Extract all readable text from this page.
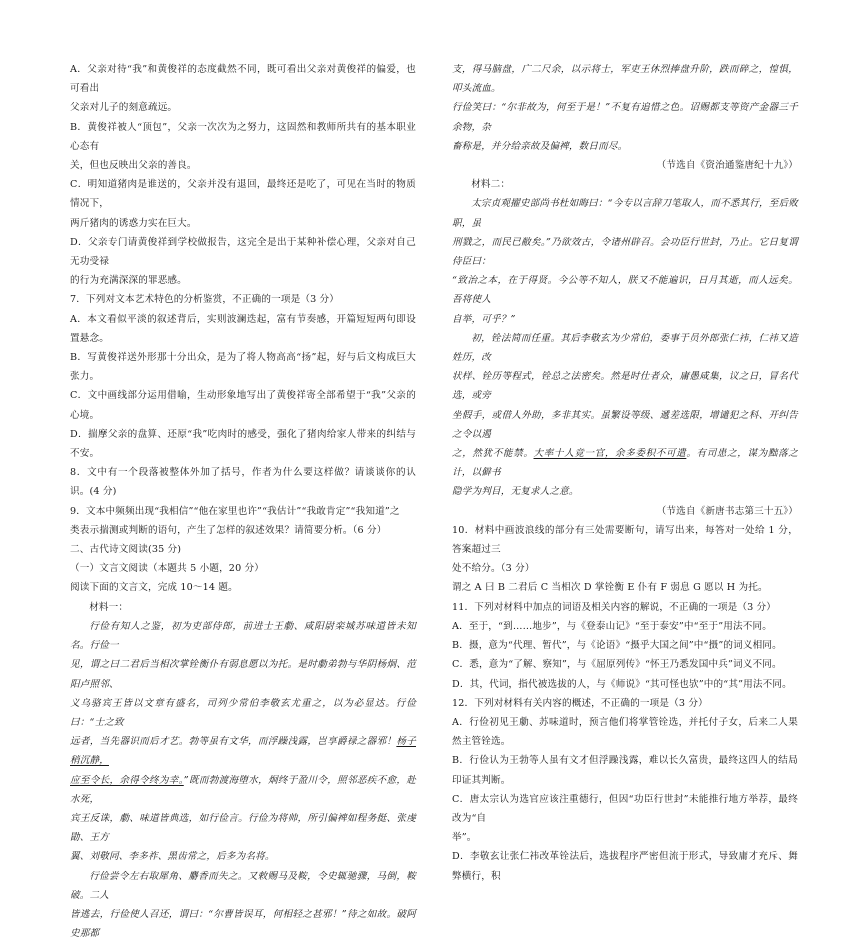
A．父亲对待“我”和黄俊祥的态度截然不同，既可看出父亲对黄俊祥的偏爱，也可看出

父亲对儿子的刻意疏远。

B．黄俊祥被人“顶包”，父亲一次次为之努力，这固然和教师所共有的基本职业心态有

关，但也反映出父亲的善良。

C．明知道猪肉是谁送的，父亲并没有退回，最终还是吃了，可见在当时的物质情况下，

两斤猪肉的诱惑力实在巨大。

D．父亲专门请黄俊祥到学校做报告，这完全是出于某种补偿心理，父亲对自己无功受禄

的行为充满深深的罪恶感。

7．下列对文本艺术特色的分析鉴赏，不正确的一项是（3 分）

A．本文看似平淡的叙述背后，实则波澜迭起，富有节奏感，开篇短短两句即设置悬念。

B．写黄俊祥送外形那十分出众，是为了将人物高高“扬”起，好与后文构成巨大张力。

C．文中画线部分运用借喻，生动形象地写出了黄俊祥寄全部希望于“我”父亲的心境。

D．揣摩父亲的盘算、还原“我”吃肉时的感受，强化了猪肉给家人带来的纠结与不安。

8．文中有一个段落被整体外加了括号，作者为什么要这样做？请谈谈你的认识。(4 分)

9．文本中频频出现“我相信”“他在家里也许”“我估计”“我敢肯定”“我知道”之

类表示揣测或判断的语句，产生了怎样的叙述效果？请简要分析。（6 分）

二、古代诗文阅读(35 分)

（一）文言文阅读（本题共 5 小题，20 分）

阅读下面的文言文，完成 10～14 题。

材料一：

行俭有知人之鉴，初为吏部侍郎，前进士王勮、咸阳尉栾城苏味道皆未知名。行俭一

见，谓之曰二君后当相次掌铨衡仆有弱息愿以为托。是时勮弟勃与华阴杨炯、范阳卢照邻、

义乌骆宾王皆以文章有盛名，司列少常伯李敬玄尤重之，以为必显达。行俭曰：“士之致

远者，当先器识而后才艺。勃等虽有文华，而浮躁浅露，岂享爵禄之器邪！杨子稍沉静，

应至令长，余得令终为幸。”既而勃渡海堕水，炯终于盈川令，照邻恶疾不愈，赴水死，

宾王反诛，勮、味道皆典选，如行俭言。行俭为将帅，所引偏裨如程务挺、张虔勖、王方

翼、刘敬同、李多祚、黑齿常之，后多为名将。

行俭尝令左右取犀角、麝香而失之。又敕赐马及鞍，令史辄驰骤，马倒，鞍破。二人

皆逃去，行俭使人召还，谓曰：“尔曹皆误耳，何相轻之甚邪！”待之如故。破阿史那都

支，得马脑盘，广二尺余，以示将士，军吏王休烈捧盘升阶，跌而碎之，惶惧，叩头流血。

行俭笑曰：“尔非故为，何至于是！”不复有追惜之色。诏赐都支等资产金器三千余物，杂

畜称是，并分给亲故及偏裨，数日而尽。

（节选自《资治通鉴唐纪十九》）

材料二：

太宗贞观擢史部尚书杜如晦曰：“今专以言辞刀笔取人，而不悉其行，至后败职，虽

刑戮之，而民已敝矣。”乃欲效古，令诸州辟召。会功臣行世封，乃止。它日复谓侍臣曰：

“致治之本，在于得贤。今公等不知人，朕又不能遍识，日月其逝，而人远矣。吾将使人

自举，可乎？”

初，铨法简而任重。其后李敬玄为少常伯，委事于员外郎张仁祎，仁祎又造姓历，改

状样、铨历等程式，铨总之法密矣。然是时仕者众，庸愚咸集，议之日，冒名代选，或旁

坐假手，或借人外助，多非其实。虽繁设等级、遞差选限，增谴犯之科、开纠告之令以遏

之，然犹不能禁。大率十人竞一官，余多委积不可遣。有司患之，谋为黜落之计，以僻书

隐学为判目，无复求人之意。

（节选自《新唐书志第三十五》）

10．材料中画波浪线的部分有三处需要断句，请写出来，每答对一处给 1 分，答案超过三

处不给分。（3 分）

谓之 A 曰 B 二君后 C 当相次 D 掌铨衡 E 仆有 F 弱息 G 愿以 H 为托。

11．下列对材料中加点的词语及相关内容的解说，不正确的一项是（3 分）

A．至于，“到……地步”，与《登泰山记》“至于泰安”中“至于”用法不同。

B．摄，意为“代理、暂代”，与《论语》“摄乎大国之间”中“摄”的词义相同。

C．悉，意为“了解、察知”，与《屈原列传》“怀王乃悉发国中兵”词义不同。

D．其，代词，指代被选拔的人，与《师说》“其可怪也欤”中的“其”用法不同。

12．下列对材料有关内容的概述，不正确的一项是（3 分）

A．行俭初见王勮、苏味道时，预言他们将掌管铨选，并托付子女，后来二人果然主管铨选。

B．行俭认为王勃等人虽有文才但浮躁浅露，难以长久富贵，最终这四人的结局印证其判断。

C．唐太宗认为选官应该注重德行，但因“功臣行世封”未能推行地方举荐，最终改为“自

举”。

D．李敬玄让张仁祎改革铨法后，选拔程序严密但流于形式，导致庸才充斥、舞弊横行，积
